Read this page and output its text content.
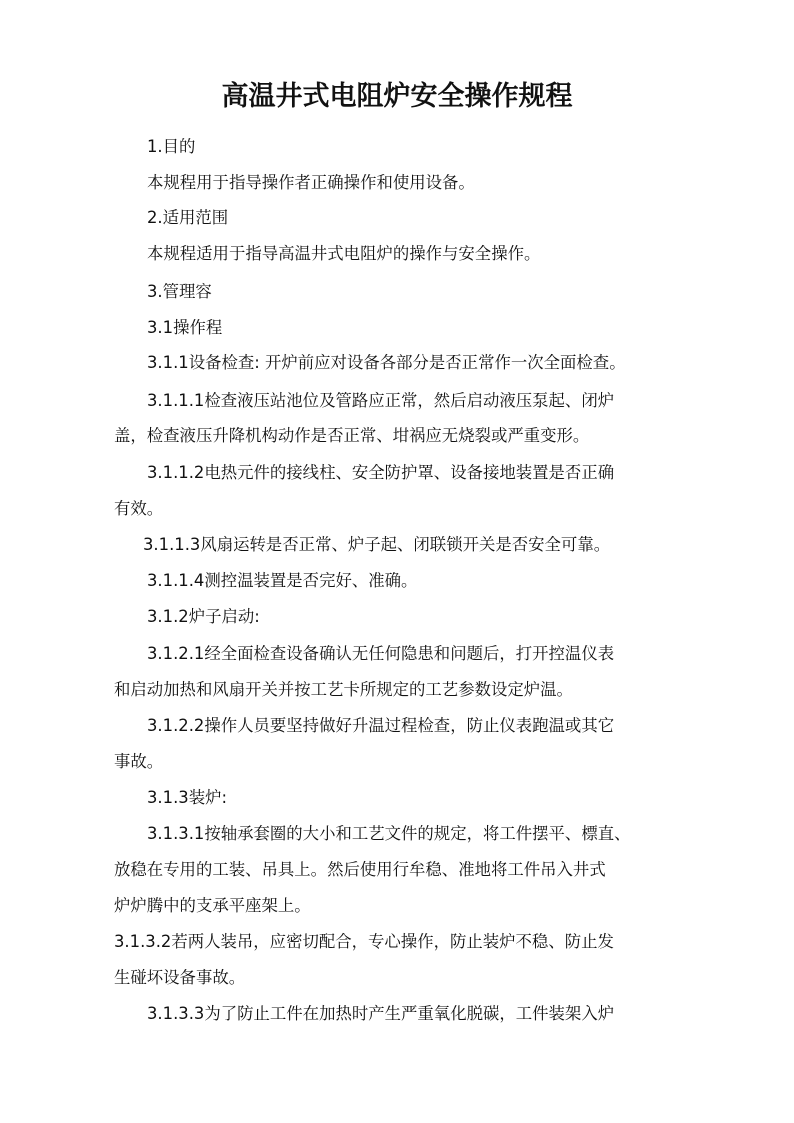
高温井式电阻炉安全操作规程
1.目的
本规程用于指导操作者正确操作和使用设备。
2.适用范围
本规程适用于指导高温井式电阻炉的操作与安全操作。
3.管理容
3.1操作程
3.1.1设备检查: 开炉前应对设备各部分是否正常作一次全面检查。
3.1.1.1检查液压站池位及管路应正常，然后启动液压泵起、闭炉
盖，检查液压升降机构动作是否正常、坩祸应无烧裂或严重变形。
3.1.1.2电热元件的接线柱、安全防护罩、设备接地装置是否正确
有效。
3.1.1.3风扇运转是否正常、炉子起、闭联锁开关是否安全可靠。
3.1.1.4测控温装置是否完好、准确。
3.1.2炉子启动:
3.1.2.1经全面检查设备确认无任何隐患和问题后，打开控温仪表
和启动加热和风扇开关并按工艺卡所规定的工艺参数设定炉温。
3.1.2.2操作人员要坚持做好升温过程检查，防止仪表跑温或其它
事故。
3.1.3装炉:
3.1.3.1按轴承套圈的大小和工艺文件的规定，将工件摆平、標直、
放稳在专用的工装、吊具上。然后使用行牟稳、准地将工件吊入井式
炉炉腾中的支承平座架上。
3.1.3.2若两人装吊，应密切配合，专心操作，防止装炉不稳、防止发
生碰坏设备事故。
3.1.3.3为了防止工件在加热时产生严重氧化脱碳，工件装架入炉
